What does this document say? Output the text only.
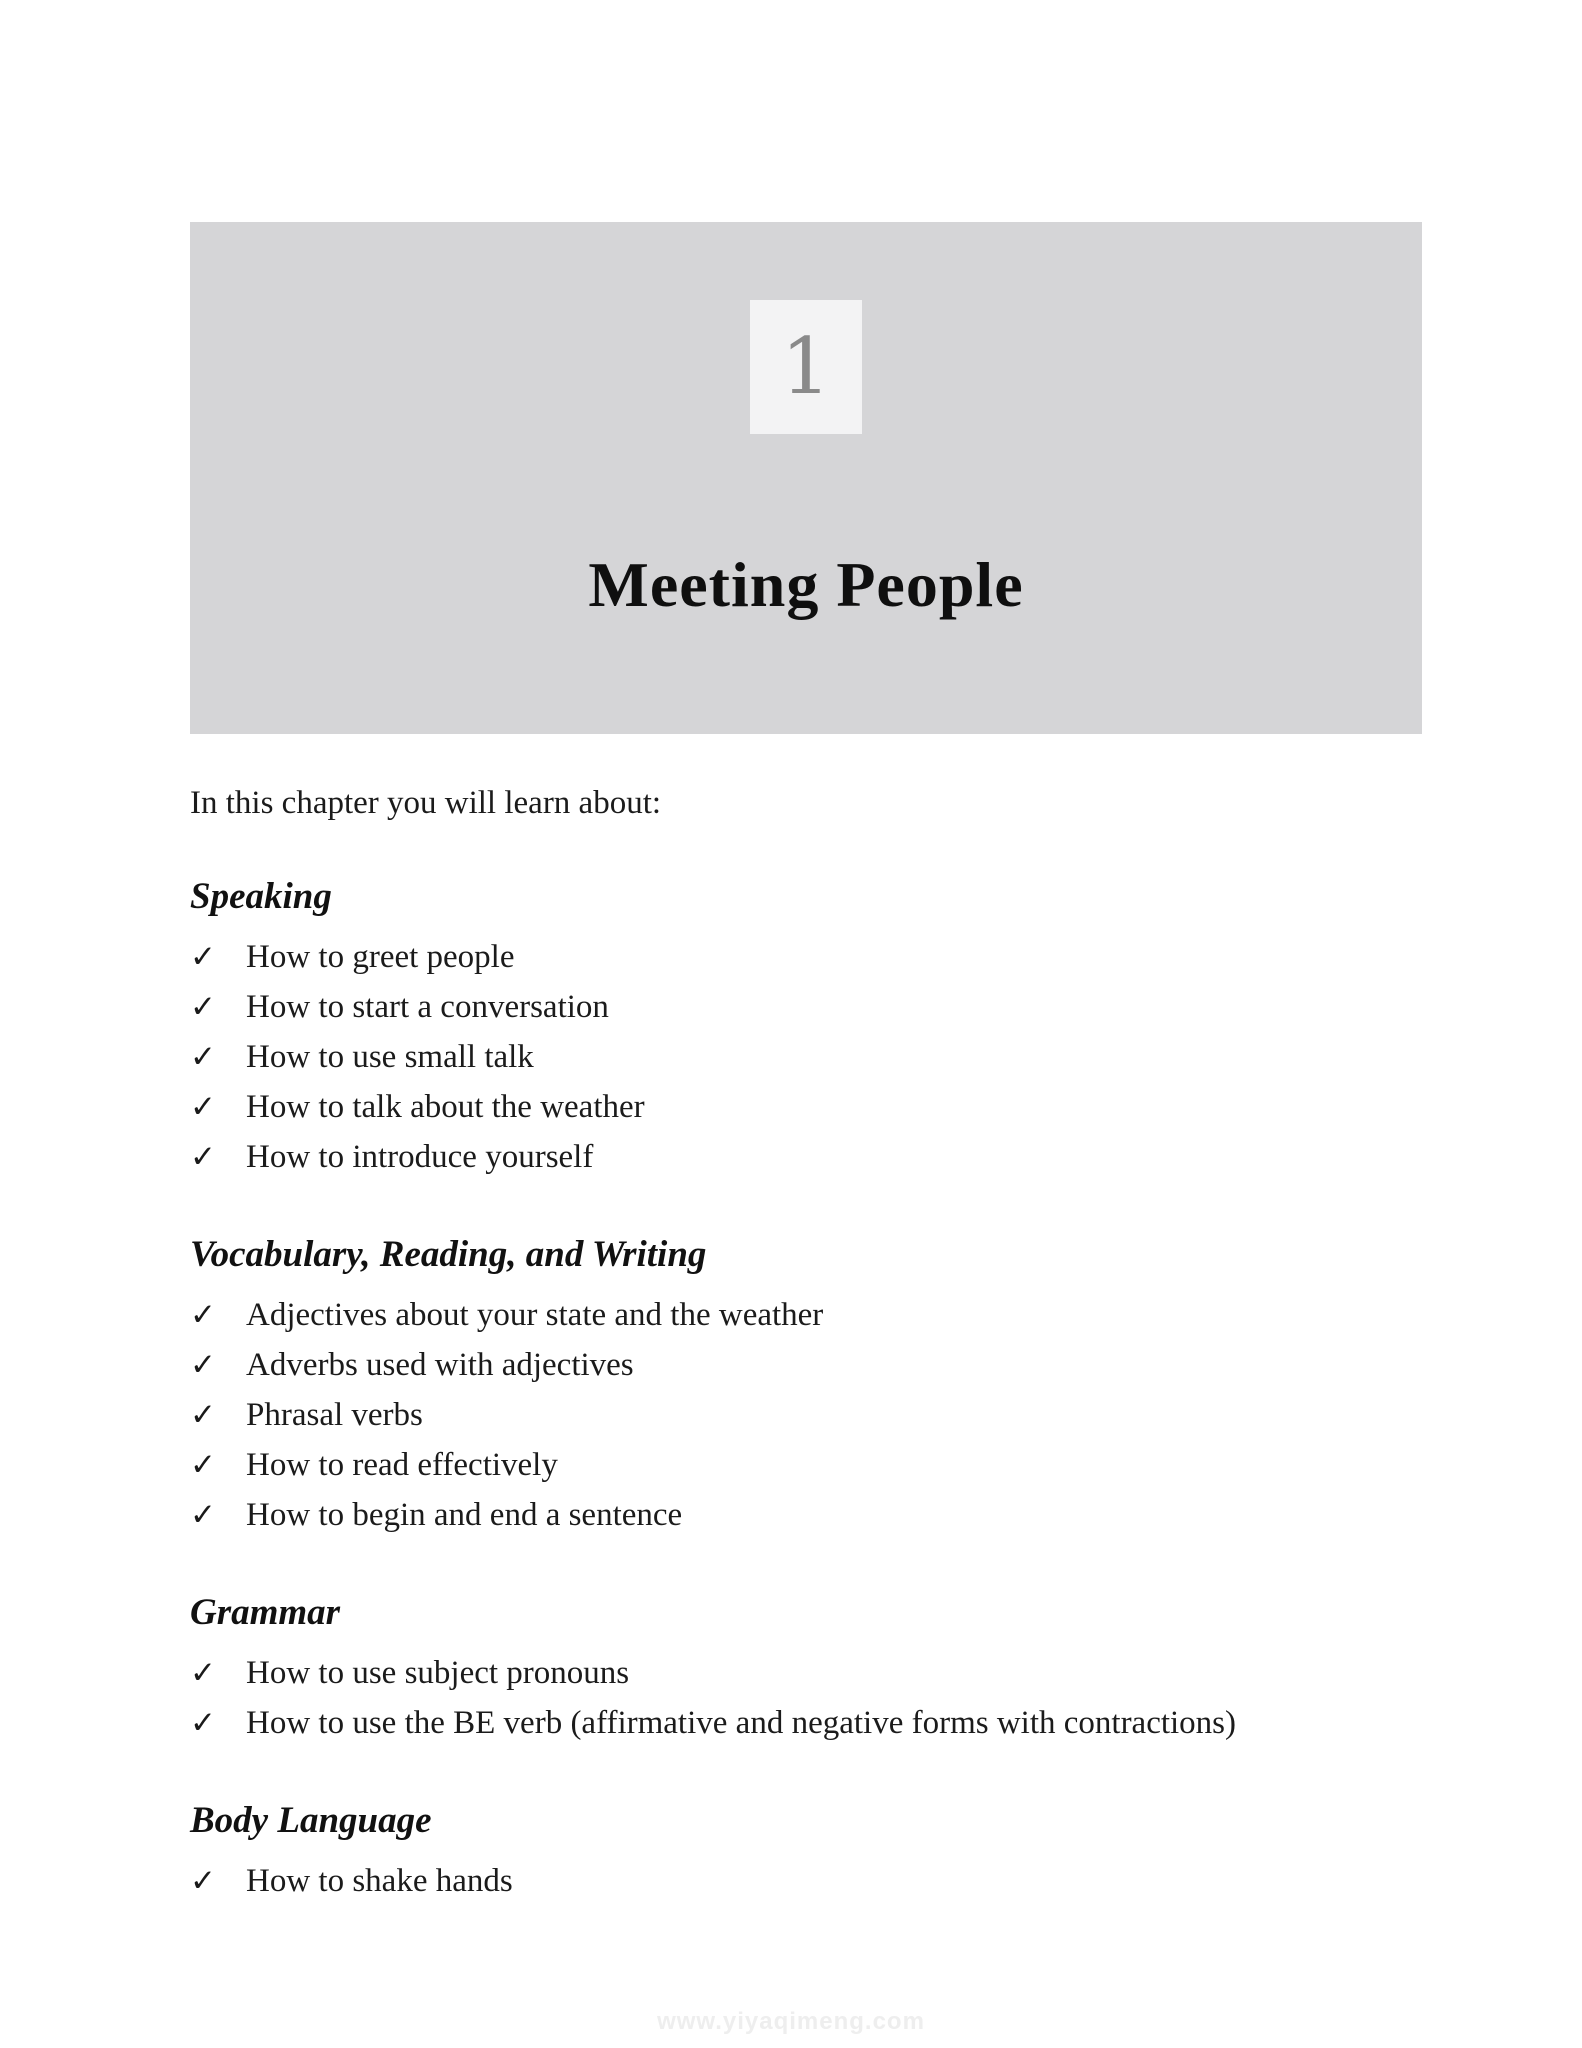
1
Meeting People

In this chapter you will learn about:

Speaking
✓ How to greet people
✓ How to start a conversation
✓ How to use small talk
✓ How to talk about the weather
✓ How to introduce yourself
Vocabulary, Reading, and Writing
✓ Adjectives about your state and the weather
✓ Adverbs used with adjectives
✓ Phrasal verbs
✓ How to read effectively
✓ How to begin and end a sentence
Grammar
✓ How to use subject pronouns
✓ How to use the BE verb (affirmative and negative forms with contractions)
Body Language
✓ How to shake hands
www.yiyaqimeng.com
